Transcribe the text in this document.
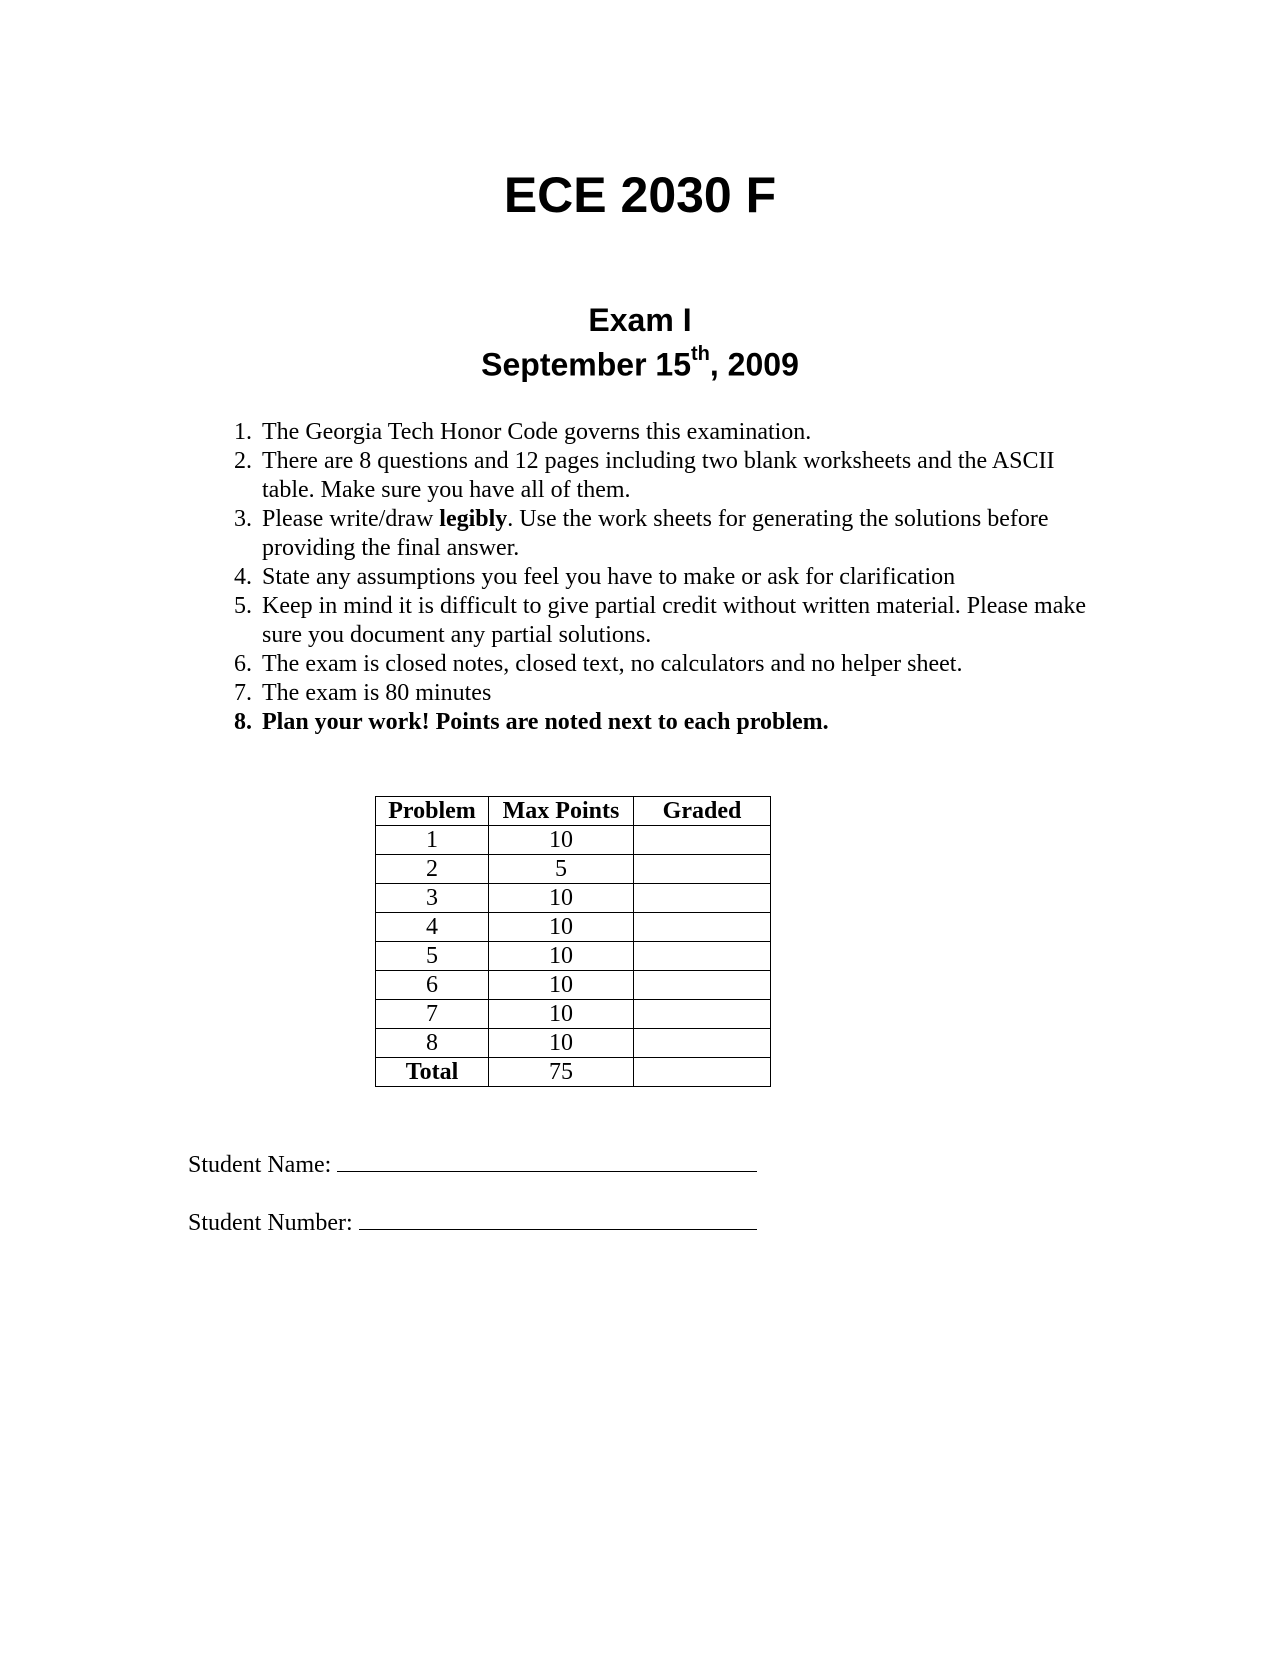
ECE 2030 F
Exam I
September 15th, 2009
1. The Georgia Tech Honor Code governs this examination.
2. There are 8 questions and 12 pages including two blank worksheets and the ASCII table. Make sure you have all of them.
3. Please write/draw legibly. Use the work sheets for generating the solutions before providing the final answer.
4. State any assumptions you feel you have to make or ask for clarification
5. Keep in mind it is difficult to give partial credit without written material. Please make sure you document any partial solutions.
6. The exam is closed notes, closed text, no calculators and no helper sheet.
7. The exam is 80 minutes
8. Plan your work! Points are noted next to each problem.
Problem	Max Points	Graded
1	10	
2	5	
3	10	
4	10	
5	10	
6	10	
7	10	
8	10	
Total	75	
Student Name:
Student Number:
